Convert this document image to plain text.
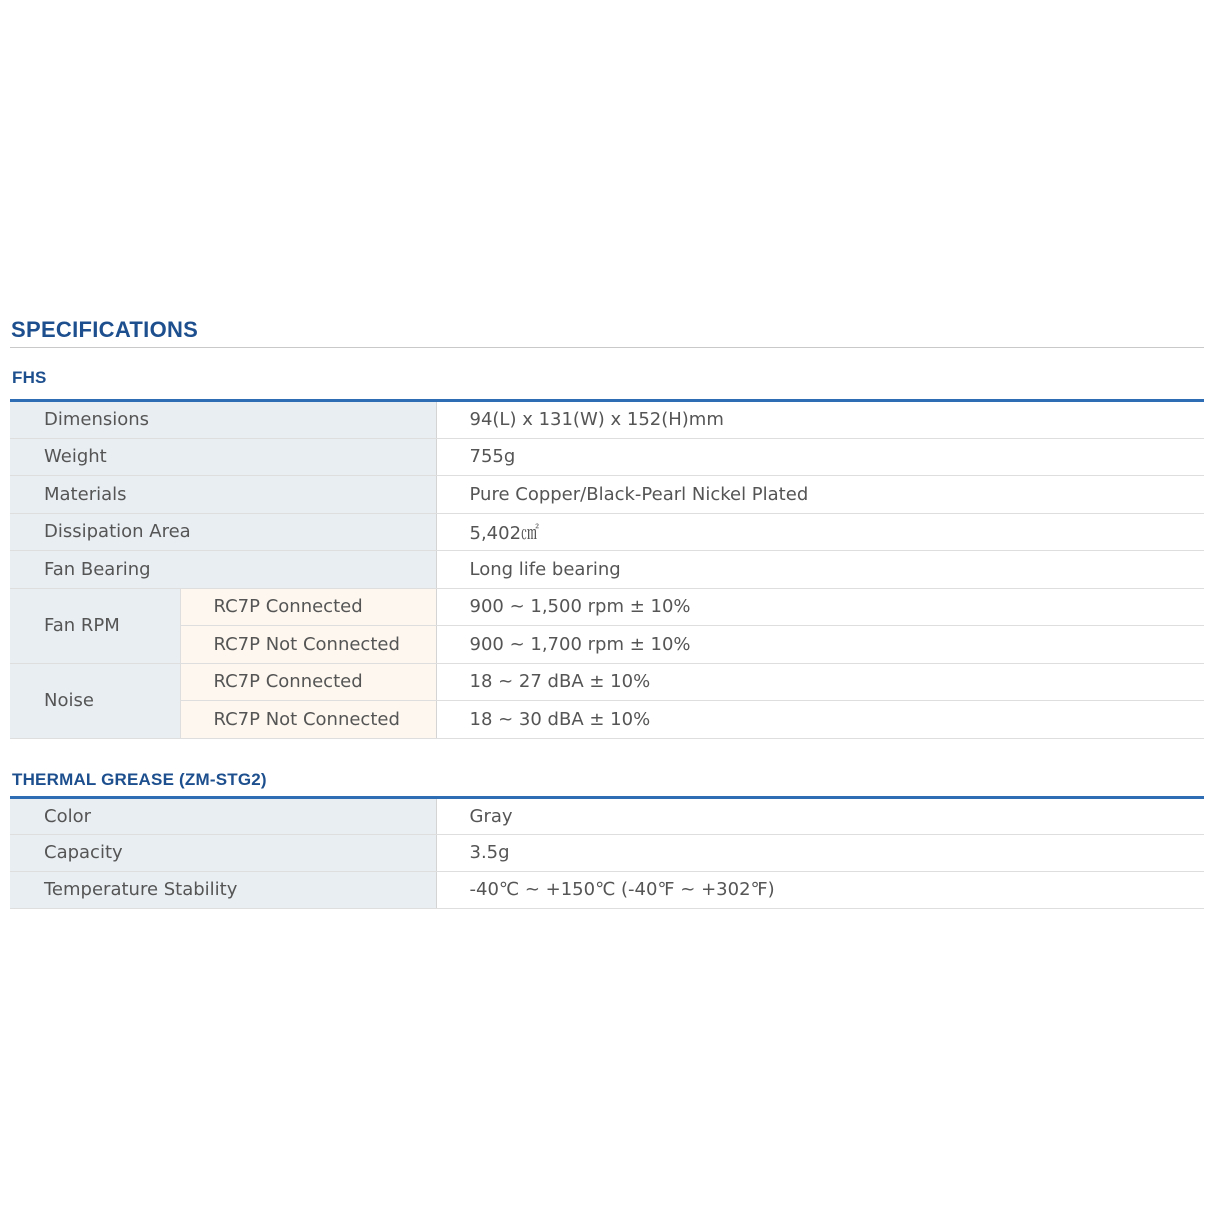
SPECIFICATIONS
FHS
Dimensions		94(L) x 131(W) x 152(H)mm
Weight		755g
Materials		Pure Copper/Black-Pearl Nickel Plated
Dissipation Area		5,402㎠
Fan Bearing		Long life bearing
Fan RPM	RC7P Connected	900 ~ 1,500 rpm ± 10%
	RC7P Not Connected	900 ~ 1,700 rpm ± 10%
Noise	RC7P Connected	18 ~ 27 dBA ± 10%
	RC7P Not Connected	18 ~ 30 dBA ± 10%
THERMAL GREASE (ZM-STG2)
Color	Gray
Capacity	3.5g
Temperature Stability	-40℃ ~ +150℃ (-40℉ ~ +302℉)
